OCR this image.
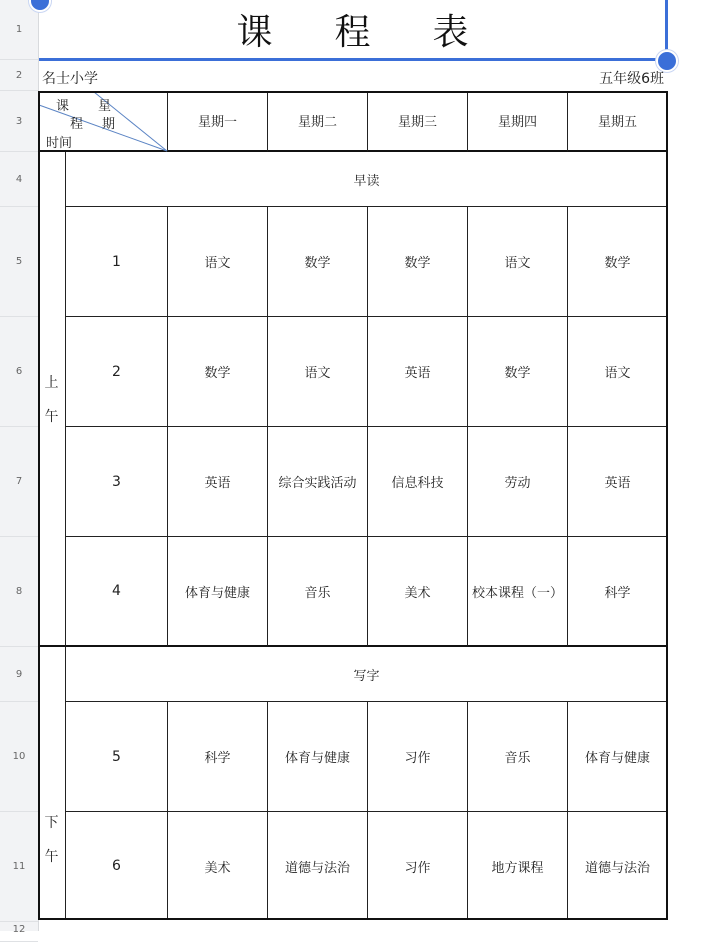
1
2
3
4
5
6
7
8
9
10
11
12
课程表
名士小学	五年级6班
课
程
星
期
时间
星期一	星期二	星期三	星期四	星期五
上
午
早读
1	语文	数学	数学	语文	数学
2	数学	语文	英语	数学	语文
3	英语	综合实践活动	信息科技	劳动	英语
4	体育与健康	音乐	美术	校本课程（一）	科学
下
午
写字
5	科学	体育与健康	习作	音乐	体育与健康
6	美术	道德与法治	习作	地方课程	道德与法治
